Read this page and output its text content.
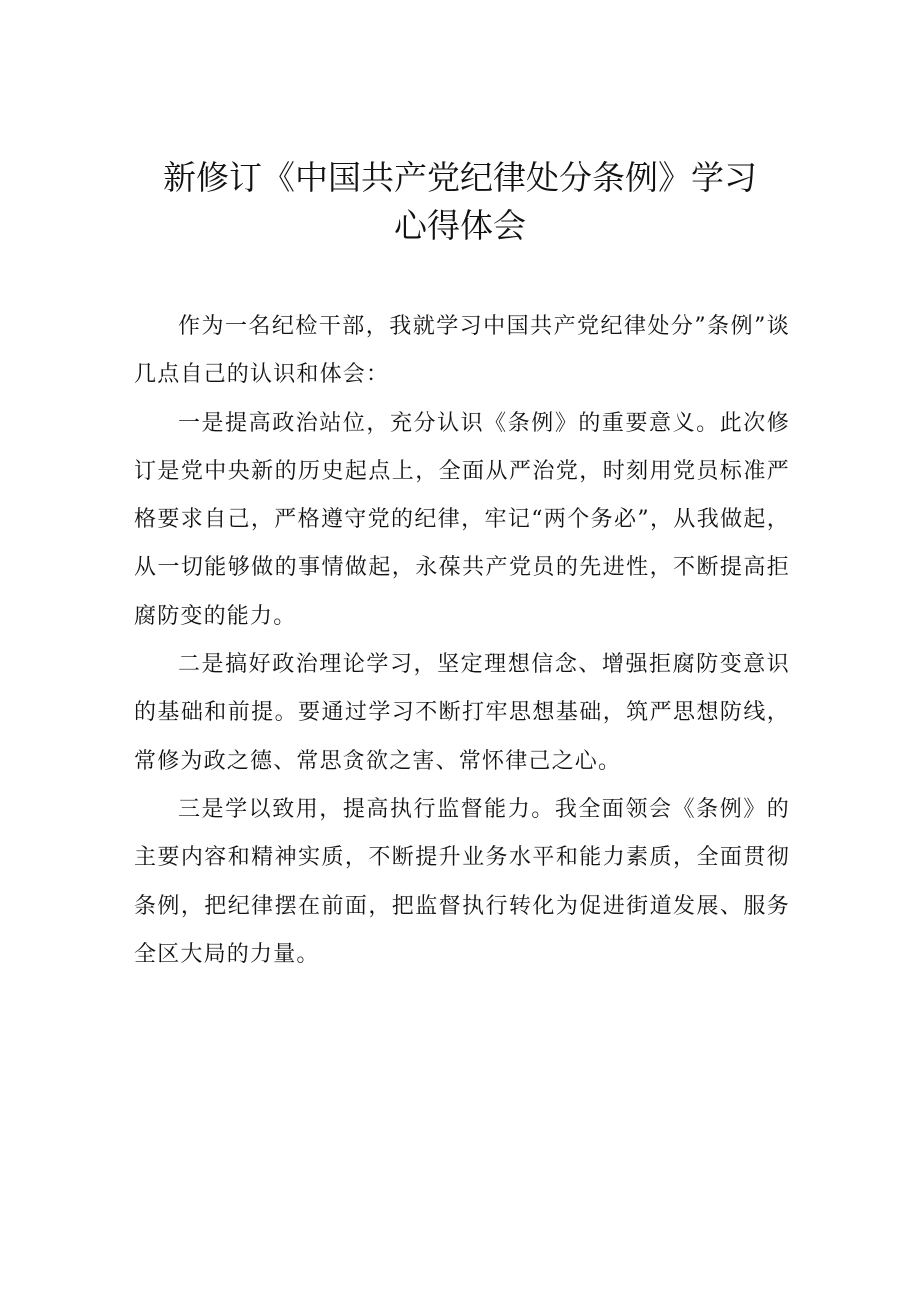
新修订《中国共产党纪律处分条例》学习
心得体会

作为一名纪检干部，我就学习中国共产党纪律处分”条例”谈几点自己的认识和体会：

一是提高政治站位，充分认识《条例》的重要意义。此次修订是党中央新的历史起点上，全面从严治党，时刻用党员标准严格要求自己，严格遵守党的纪律，牢记“两个务必”，从我做起，从一切能够做的事情做起，永葆共产党员的先进性，不断提高拒腐防变的能力。

二是搞好政治理论学习，坚定理想信念、增强拒腐防变意识的基础和前提。要通过学习不断打牢思想基础，筑严思想防线，常修为政之德、常思贪欲之害、常怀律己之心。

三是学以致用，提高执行监督能力。我全面领会《条例》的主要内容和精神实质，不断提升业务水平和能力素质，全面贯彻条例，把纪律摆在前面，把监督执行转化为促进街道发展、服务全区大局的力量。
